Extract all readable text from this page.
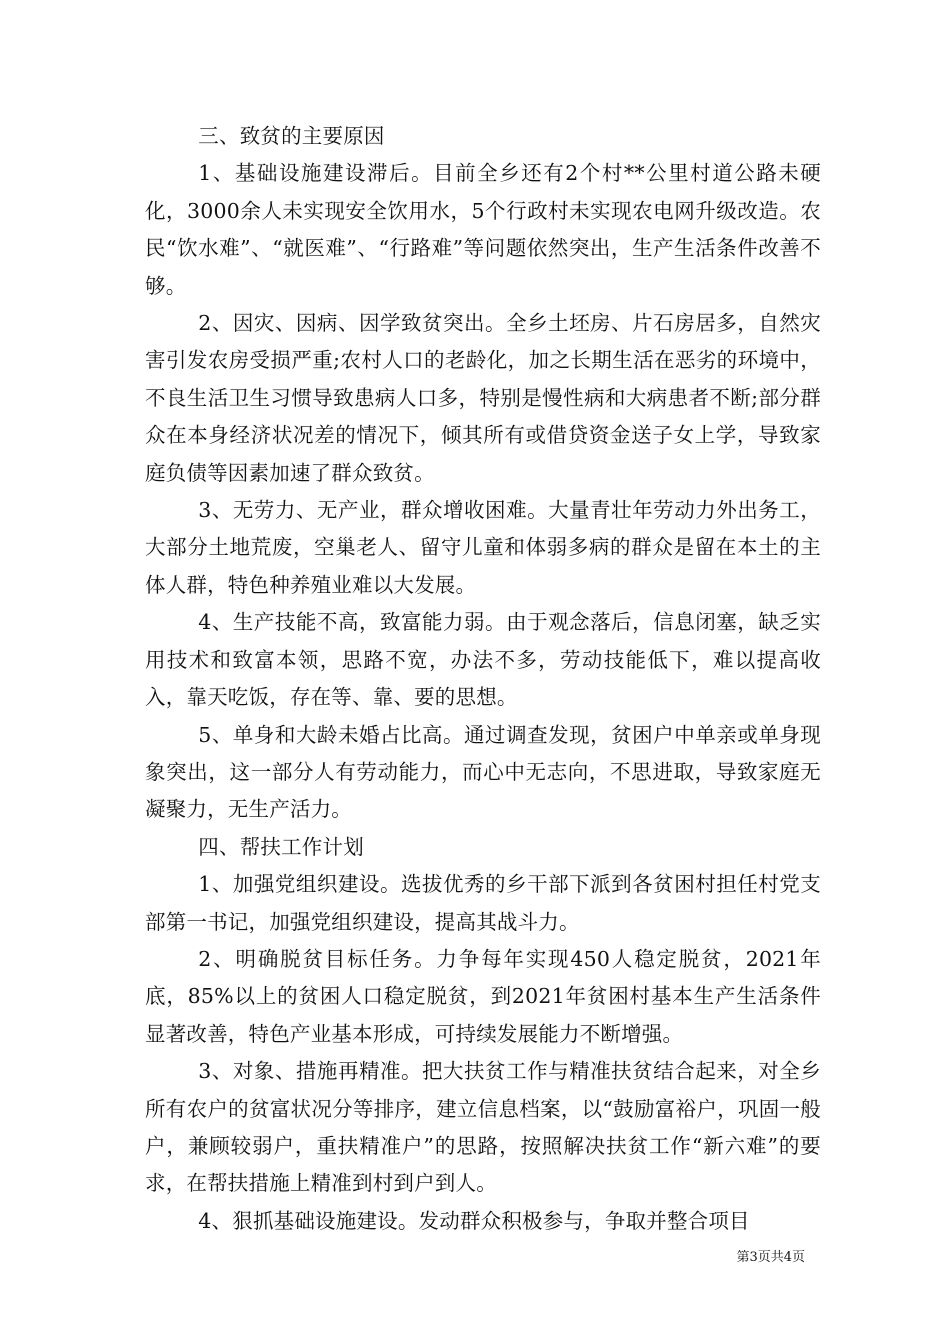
三、致贫的主要原因

1、基础设施建设滞后。目前全乡还有2个村**公里村道公路未硬化，3000余人未实现安全饮用水，5个行政村未实现农电网升级改造。农民“饮水难”、“就医难”、“行路难”等问题依然突出，生产生活条件改善不够。

2、因灾、因病、因学致贫突出。全乡土坯房、片石房居多，自然灾害引发农房受损严重;农村人口的老龄化，加之长期生活在恶劣的环境中，不良生活卫生习惯导致患病人口多，特别是慢性病和大病患者不断;部分群众在本身经济状况差的情况下，倾其所有或借贷资金送子女上学，导致家庭负债等因素加速了群众致贫。

3、无劳力、无产业，群众增收困难。大量青壮年劳动力外出务工，大部分土地荒废，空巢老人、留守儿童和体弱多病的群众是留在本土的主体人群，特色种养殖业难以大发展。

4、生产技能不高，致富能力弱。由于观念落后，信息闭塞，缺乏实用技术和致富本领，思路不宽，办法不多，劳动技能低下，难以提高收入，靠天吃饭，存在等、靠、要的思想。

5、单身和大龄未婚占比高。通过调查发现，贫困户中单亲或单身现象突出，这一部分人有劳动能力，而心中无志向，不思进取，导致家庭无凝聚力，无生产活力。

四、帮扶工作计划

1、加强党组织建设。选拔优秀的乡干部下派到各贫困村担任村党支部第一书记，加强党组织建设，提高其战斗力。

2、明确脱贫目标任务。力争每年实现450人稳定脱贫，2021年底，85%以上的贫困人口稳定脱贫，到2021年贫困村基本生产生活条件显著改善，特色产业基本形成，可持续发展能力不断增强。

3、对象、措施再精准。把大扶贫工作与精准扶贫结合起来，对全乡所有农户的贫富状况分等排序，建立信息档案，以“鼓励富裕户，巩固一般户，兼顾较弱户，重扶精准户”的思路，按照解决扶贫工作“新六难”的要求，在帮扶措施上精准到村到户到人。

4、狠抓基础设施建设。发动群众积极参与，争取并整合项目

第3页共4页
